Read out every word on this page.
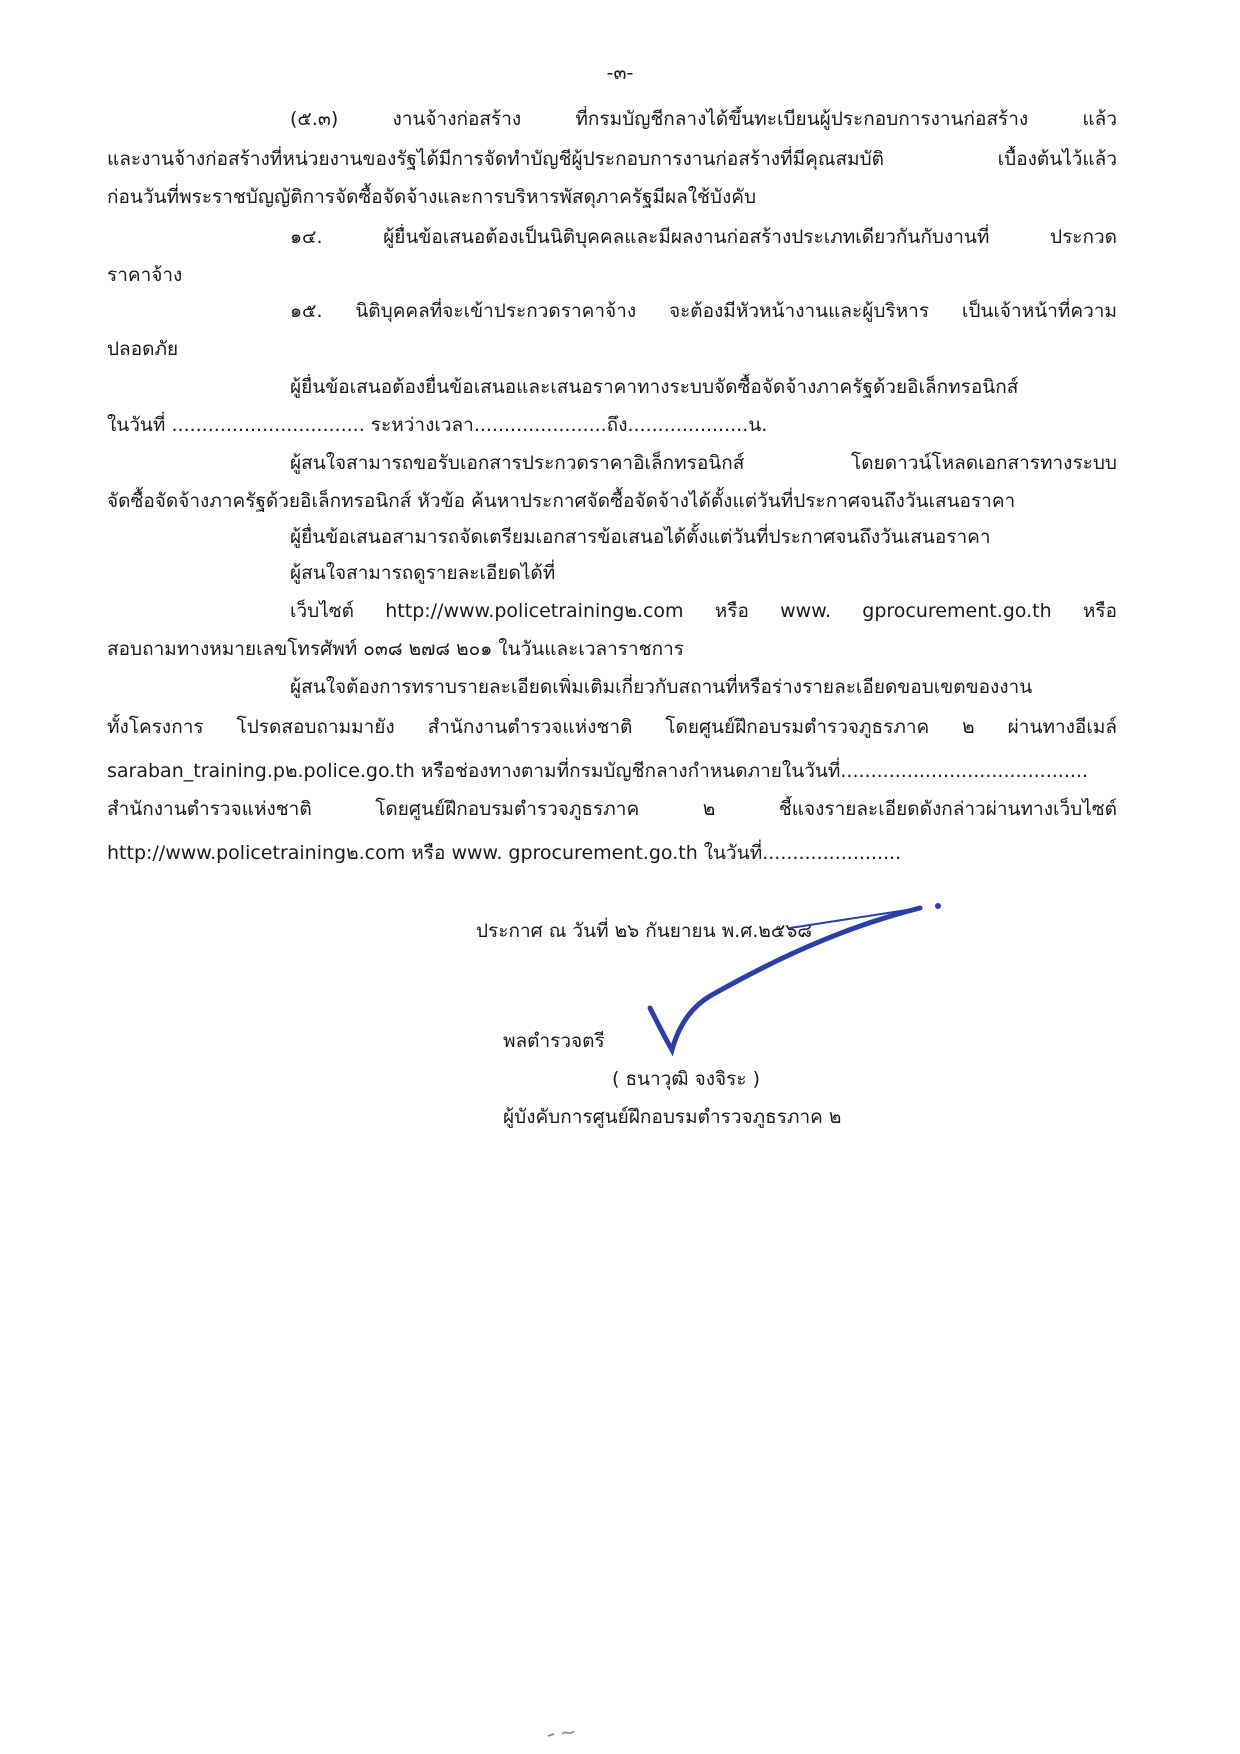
-๓-
(๕.๓) งานจ้างก่อสร้าง ที่กรมบัญชีกลางได้ขึ้นทะเบียนผู้ประกอบการงานก่อสร้าง แล้ว
และงานจ้างก่อสร้างที่หน่วยงานของรัฐได้มีการจัดทำบัญชีผู้ประกอบการงานก่อสร้างที่มีคุณสมบัติ เบื้องต้นไว้แล้ว
ก่อนวันที่พระราชบัญญัติการจัดซื้อจัดจ้างและการบริหารพัสดุภาครัฐมีผลใช้บังคับ
๑๔. ผู้ยื่นข้อเสนอต้องเป็นนิติบุคคลและมีผลงานก่อสร้างประเภทเดียวกันกับงานที่ ประกวด
ราคาจ้าง
๑๕. นิติบุคคลที่จะเข้าประกวดราคาจ้าง จะต้องมีหัวหน้างานและผู้บริหาร เป็นเจ้าหน้าที่ความ
ปลอดภัย
ผู้ยื่นข้อเสนอต้องยื่นข้อเสนอและเสนอราคาทางระบบจัดซื้อจัดจ้างภาครัฐด้วยอิเล็กทรอนิกส์
ในวันที่ ................................ ระหว่างเวลา......................ถึง....................น.
ผู้สนใจสามารถขอรับเอกสารประกวดราคาอิเล็กทรอนิกส์ โดยดาวน์โหลดเอกสารทางระบบ
จัดซื้อจัดจ้างภาครัฐด้วยอิเล็กทรอนิกส์ หัวข้อ ค้นหาประกาศจัดซื้อจัดจ้างได้ตั้งแต่วันที่ประกาศจนถึงวันเสนอราคา
ผู้ยื่นข้อเสนอสามารถจัดเตรียมเอกสารข้อเสนอได้ตั้งแต่วันที่ประกาศจนถึงวันเสนอราคา
ผู้สนใจสามารถดูรายละเอียดได้ที่
เว็บไซต์ http://www.policetraining๒.com หรือ www. gprocurement.go.th หรือ
สอบถามทางหมายเลขโทรศัพท์ ๐๓๘ ๒๗๘ ๒๐๑ ในวันและเวลาราชการ
ผู้สนใจต้องการทราบรายละเอียดเพิ่มเติมเกี่ยวกับสถานที่หรือร่างรายละเอียดขอบเขตของงาน
ทั้งโครงการ โปรดสอบถามมายัง สำนักงานตำรวจแห่งชาติ โดยศูนย์ฝึกอบรมตำรวจภูธรภาค ๒ ผ่านทางอีเมล์
saraban_training.p๒.police.go.th หรือช่องทางตามที่กรมบัญชีกลางกำหนดภายในวันที่.........................................
สำนักงานตำรวจแห่งชาติ โดยศูนย์ฝึกอบรมตำรวจภูธรภาค ๒ ชี้แจงรายละเอียดดังกล่าวผ่านทางเว็บไซต์
http://www.policetraining๒.com หรือ www. gprocurement.go.th ในวันที่.......................
ประกาศ ณ วันที่ ๒๖ กันยายน พ.ศ.๒๕๖๘
พลตำรวจตรี
( ธนาวุฒิ จงจิระ )
ผู้บังคับการศูนย์ฝึกอบรมตำรวจภูธรภาค ๒
